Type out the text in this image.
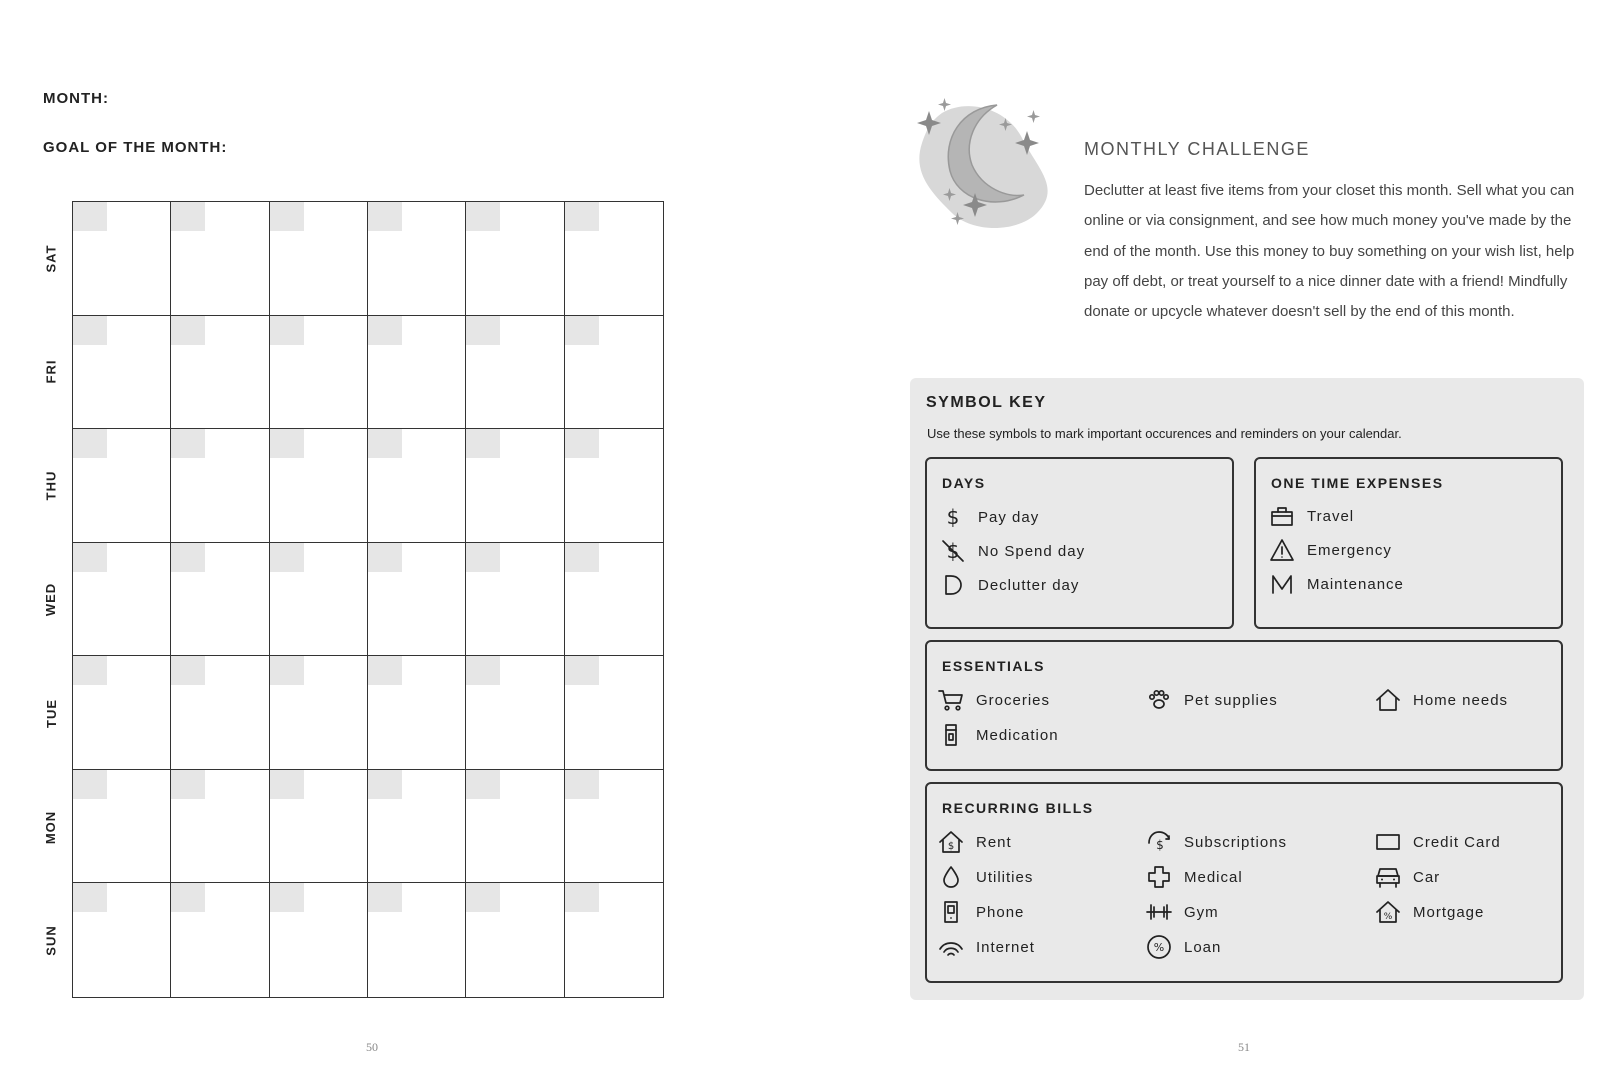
MONTH:
GOAL OF THE MONTH:
SAT
FRI
THU
WED
TUE
MON
SUN
50
MONTHLY CHALLENGE
Declutter at least five items from your closet this month. Sell what you can online or via consignment, and see how much money you've made by the end of the month. Use this money to buy something on your wish list, help pay off debt, or treat yourself to a nice dinner date with a friend! Mindfully donate or upcycle whatever doesn't sell by the end of this month.
SYMBOL KEY
Use these symbols to mark important occurences and reminders on your calendar.
DAYS
$ Pay day
$ No Spend day
Declutter day
ONE TIME EXPENSES
Travel
Emergency
Maintenance
ESSENTIALS
Groceries	Pet supplies	Home needs
Medication
RECURRING BILLS
$ Rent	$ Subscriptions	Credit Card
Utilities	Medical	Car
Phone	Gym	% Mortgage
Internet	% Loan
51
